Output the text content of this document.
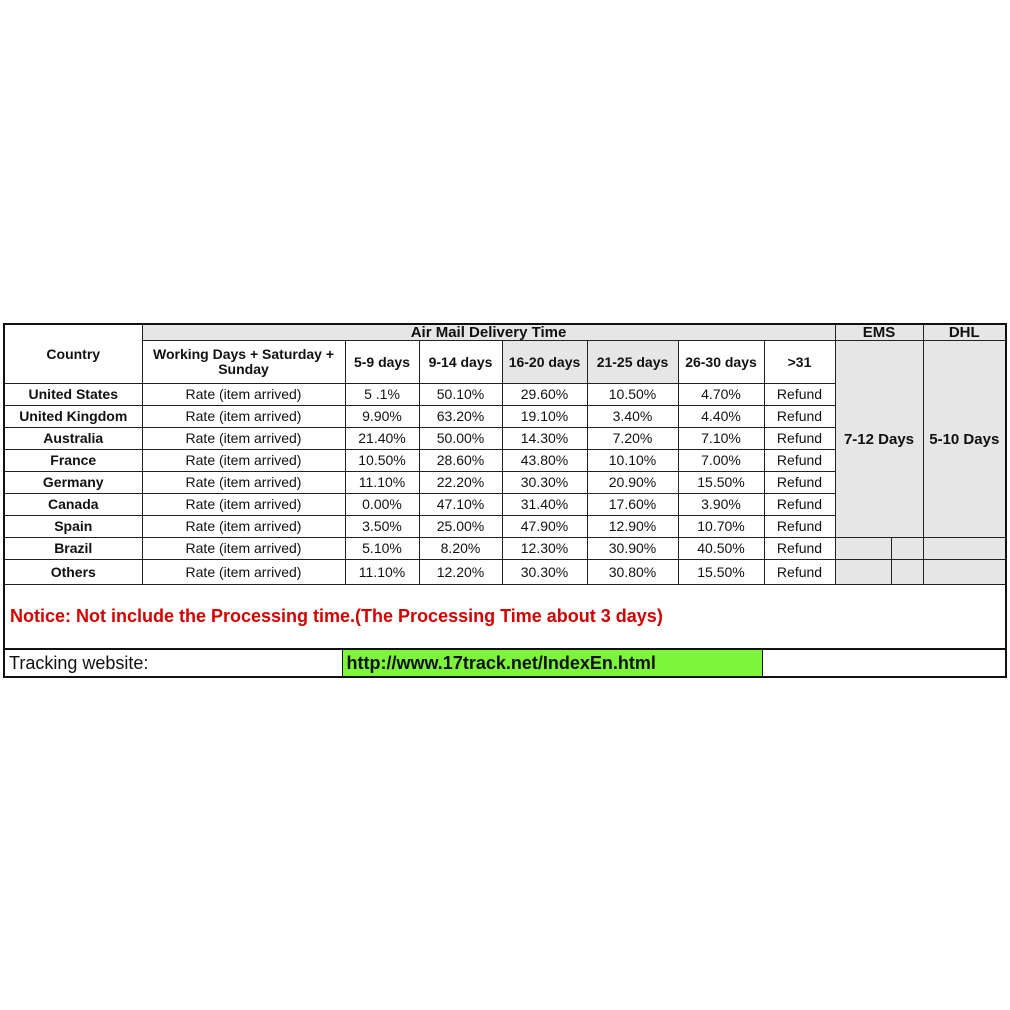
Country	Air Mail Delivery Time							EMS		DHL
	Working Days + Saturday + Sunday	5-9 days	9-14 days	16-20 days	21-25 days	26-30 days	>31	7-12 Days		5-10 Days
United States	Rate (item arrived)	5 .1%	50.10%	29.60%	10.50%	4.70%	Refund			
United Kingdom	Rate (item arrived)	9.90%	63.20%	19.10%	3.40%	4.40%	Refund			
Australia	Rate (item arrived)	21.40%	50.00%	14.30%	7.20%	7.10%	Refund			
France	Rate (item arrived)	10.50%	28.60%	43.80%	10.10%	7.00%	Refund			
Germany	Rate (item arrived)	11.10%	22.20%	30.30%	20.90%	15.50%	Refund			
Canada	Rate (item arrived)	0.00%	47.10%	31.40%	17.60%	3.90%	Refund			
Spain	Rate (item arrived)	3.50%	25.00%	47.90%	12.90%	10.70%	Refund			
Brazil	Rate (item arrived)	5.10%	8.20%	12.30%	30.90%	40.50%	Refund			
Others	Rate (item arrived)	11.10%	12.20%	30.30%	30.80%	15.50%	Refund			
Notice: Not include the Processing time.(The Processing Time about 3 days)
Tracking website:	http://www.17track.net/IndexEn.html	
